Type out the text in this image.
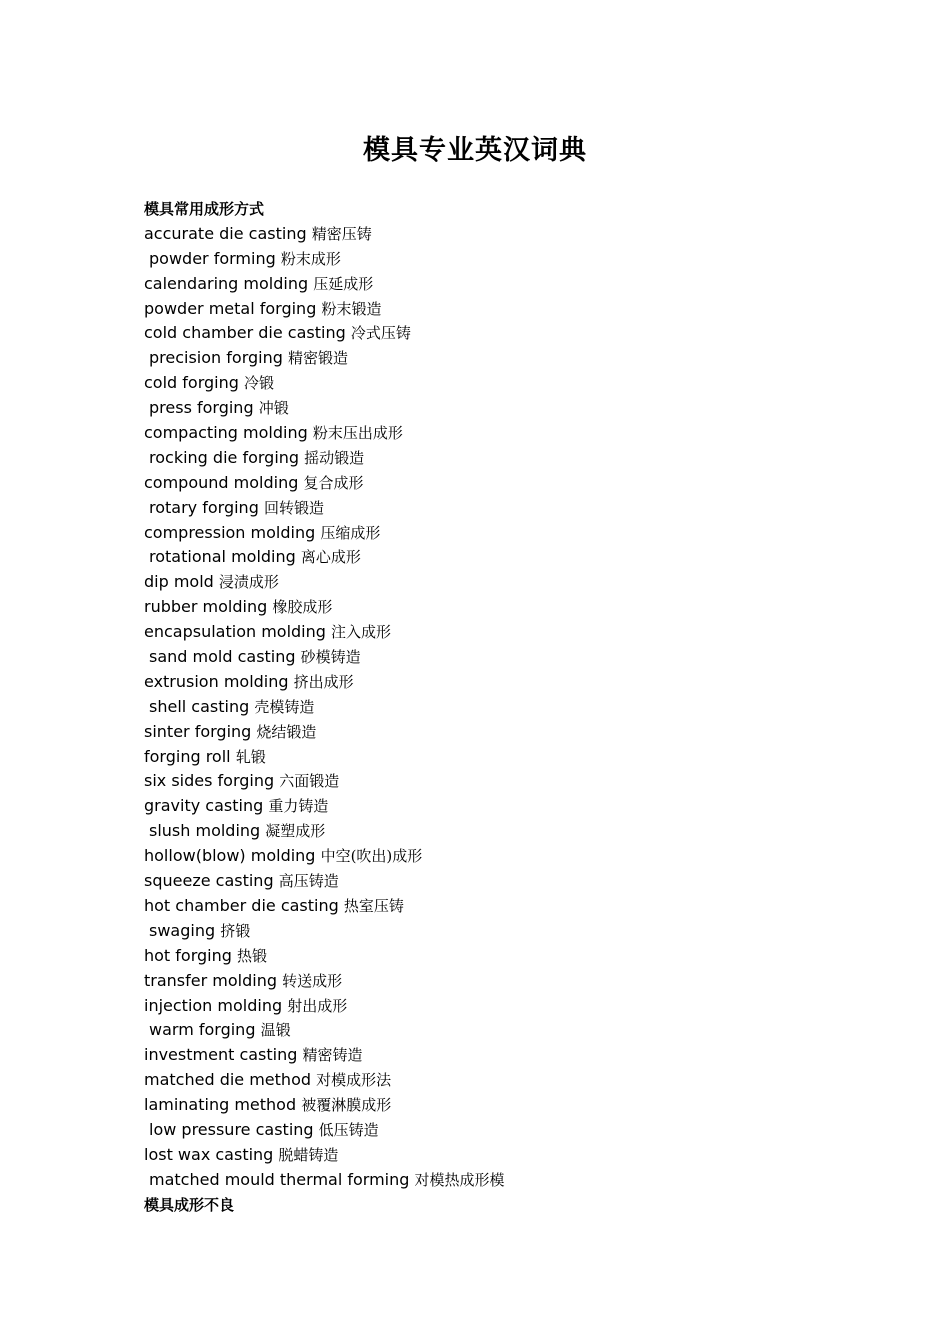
模具专业英汉词典
模具常用成形方式
accurate die casting 精密压铸
powder forming 粉末成形
calendaring molding 压延成形
powder metal forging 粉末锻造
cold chamber die casting 冷式压铸
precision forging 精密锻造
cold forging 冷锻
press forging 冲锻
compacting molding 粉末压出成形
rocking die forging 摇动锻造
compound molding 复合成形
rotary forging 回转锻造
compression molding 压缩成形
rotational molding 离心成形
dip mold 浸渍成形
rubber molding 橡胶成形
encapsulation molding 注入成形
sand mold casting 砂模铸造
extrusion molding 挤出成形
shell casting 壳模铸造
sinter forging 烧结锻造
forging roll 轧锻
six sides forging 六面锻造
gravity casting 重力铸造
slush molding 凝塑成形
hollow(blow) molding 中空(吹出)成形
squeeze casting 高压铸造
hot chamber die casting 热室压铸
swaging 挤锻
hot forging 热锻
transfer molding 转送成形
injection molding 射出成形
warm forging 温锻
investment casting 精密铸造
matched die method 对模成形法
laminating method 被覆淋膜成形
low pressure casting 低压铸造
lost wax casting 脱蜡铸造
matched mould thermal forming 对模热成形模
模具成形不良
